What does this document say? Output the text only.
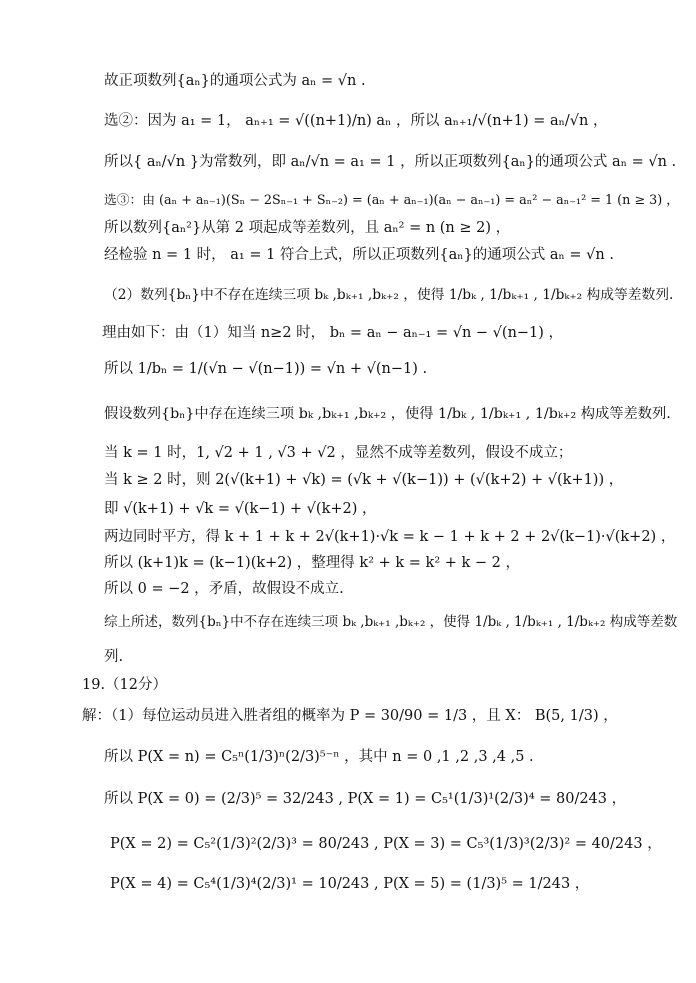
故正项数列{aₙ}的通项公式为 aₙ = √n .
选②：因为 a₁ = 1， aₙ₊₁ = √((n+1)/n) aₙ ，所以 aₙ₊₁/√(n+1) = aₙ/√n ，
所以{ aₙ/√n }为常数列，即 aₙ/√n = a₁ = 1 ，所以正项数列{aₙ}的通项公式 aₙ = √n .
选③：由 (aₙ + aₙ₋₁)(Sₙ − 2Sₙ₋₁ + Sₙ₋₂) = (aₙ + aₙ₋₁)(aₙ − aₙ₋₁) = aₙ² − aₙ₋₁² = 1 (n ≥ 3) ，
所以数列{aₙ²}从第 2 项起成等差数列，且 aₙ² = n (n ≥ 2) ，
经检验 n = 1 时， a₁ = 1 符合上式，所以正项数列{aₙ}的通项公式 aₙ = √n .
（2）数列{bₙ}中不存在连续三项 bₖ ,bₖ₊₁ ,bₖ₊₂ ，使得 1/bₖ , 1/bₖ₊₁ , 1/bₖ₊₂ 构成等差数列.
理由如下：由（1）知当 n≥2 时， bₙ = aₙ − aₙ₋₁ = √n − √(n−1) ，
所以 1/bₙ = 1/(√n − √(n−1)) = √n + √(n−1) .
假设数列{bₙ}中存在连续三项 bₖ ,bₖ₊₁ ,bₖ₊₂ ，使得 1/bₖ , 1/bₖ₊₁ , 1/bₖ₊₂ 构成等差数列.
当 k = 1 时，1, √2 + 1 , √3 + √2 ，显然不成等差数列，假设不成立；
当 k ≥ 2 时，则 2(√(k+1) + √k) = (√k + √(k−1)) + (√(k+2) + √(k+1)) ，
即 √(k+1) + √k = √(k−1) + √(k+2) ，
两边同时平方，得 k + 1 + k + 2√(k+1)·√k = k − 1 + k + 2 + 2√(k−1)·√(k+2) ，
所以 (k+1)k = (k−1)(k+2) ，整理得 k² + k = k² + k − 2 ，
所以 0 = −2 ，矛盾，故假设不成立.
综上所述，数列{bₙ}中不存在连续三项 bₖ ,bₖ₊₁ ,bₖ₊₂ ，使得 1/bₖ , 1/bₖ₊₁ , 1/bₖ₊₂ 构成等差数
列.
19.（12分）
解：（1）每位运动员进入胜者组的概率为 P = 30/90 = 1/3 ，且 X： B(5, 1/3) ，
所以 P(X = n) = C₅ⁿ(1/3)ⁿ(2/3)⁵⁻ⁿ ，其中 n = 0 ,1 ,2 ,3 ,4 ,5 .
所以 P(X = 0) = (2/3)⁵ = 32/243 , P(X = 1) = C₅¹(1/3)¹(2/3)⁴ = 80/243 ，
P(X = 2) = C₅²(1/3)²(2/3)³ = 80/243 , P(X = 3) = C₅³(1/3)³(2/3)² = 40/243 ，
P(X = 4) = C₅⁴(1/3)⁴(2/3)¹ = 10/243 , P(X = 5) = (1/3)⁵ = 1/243 ，
